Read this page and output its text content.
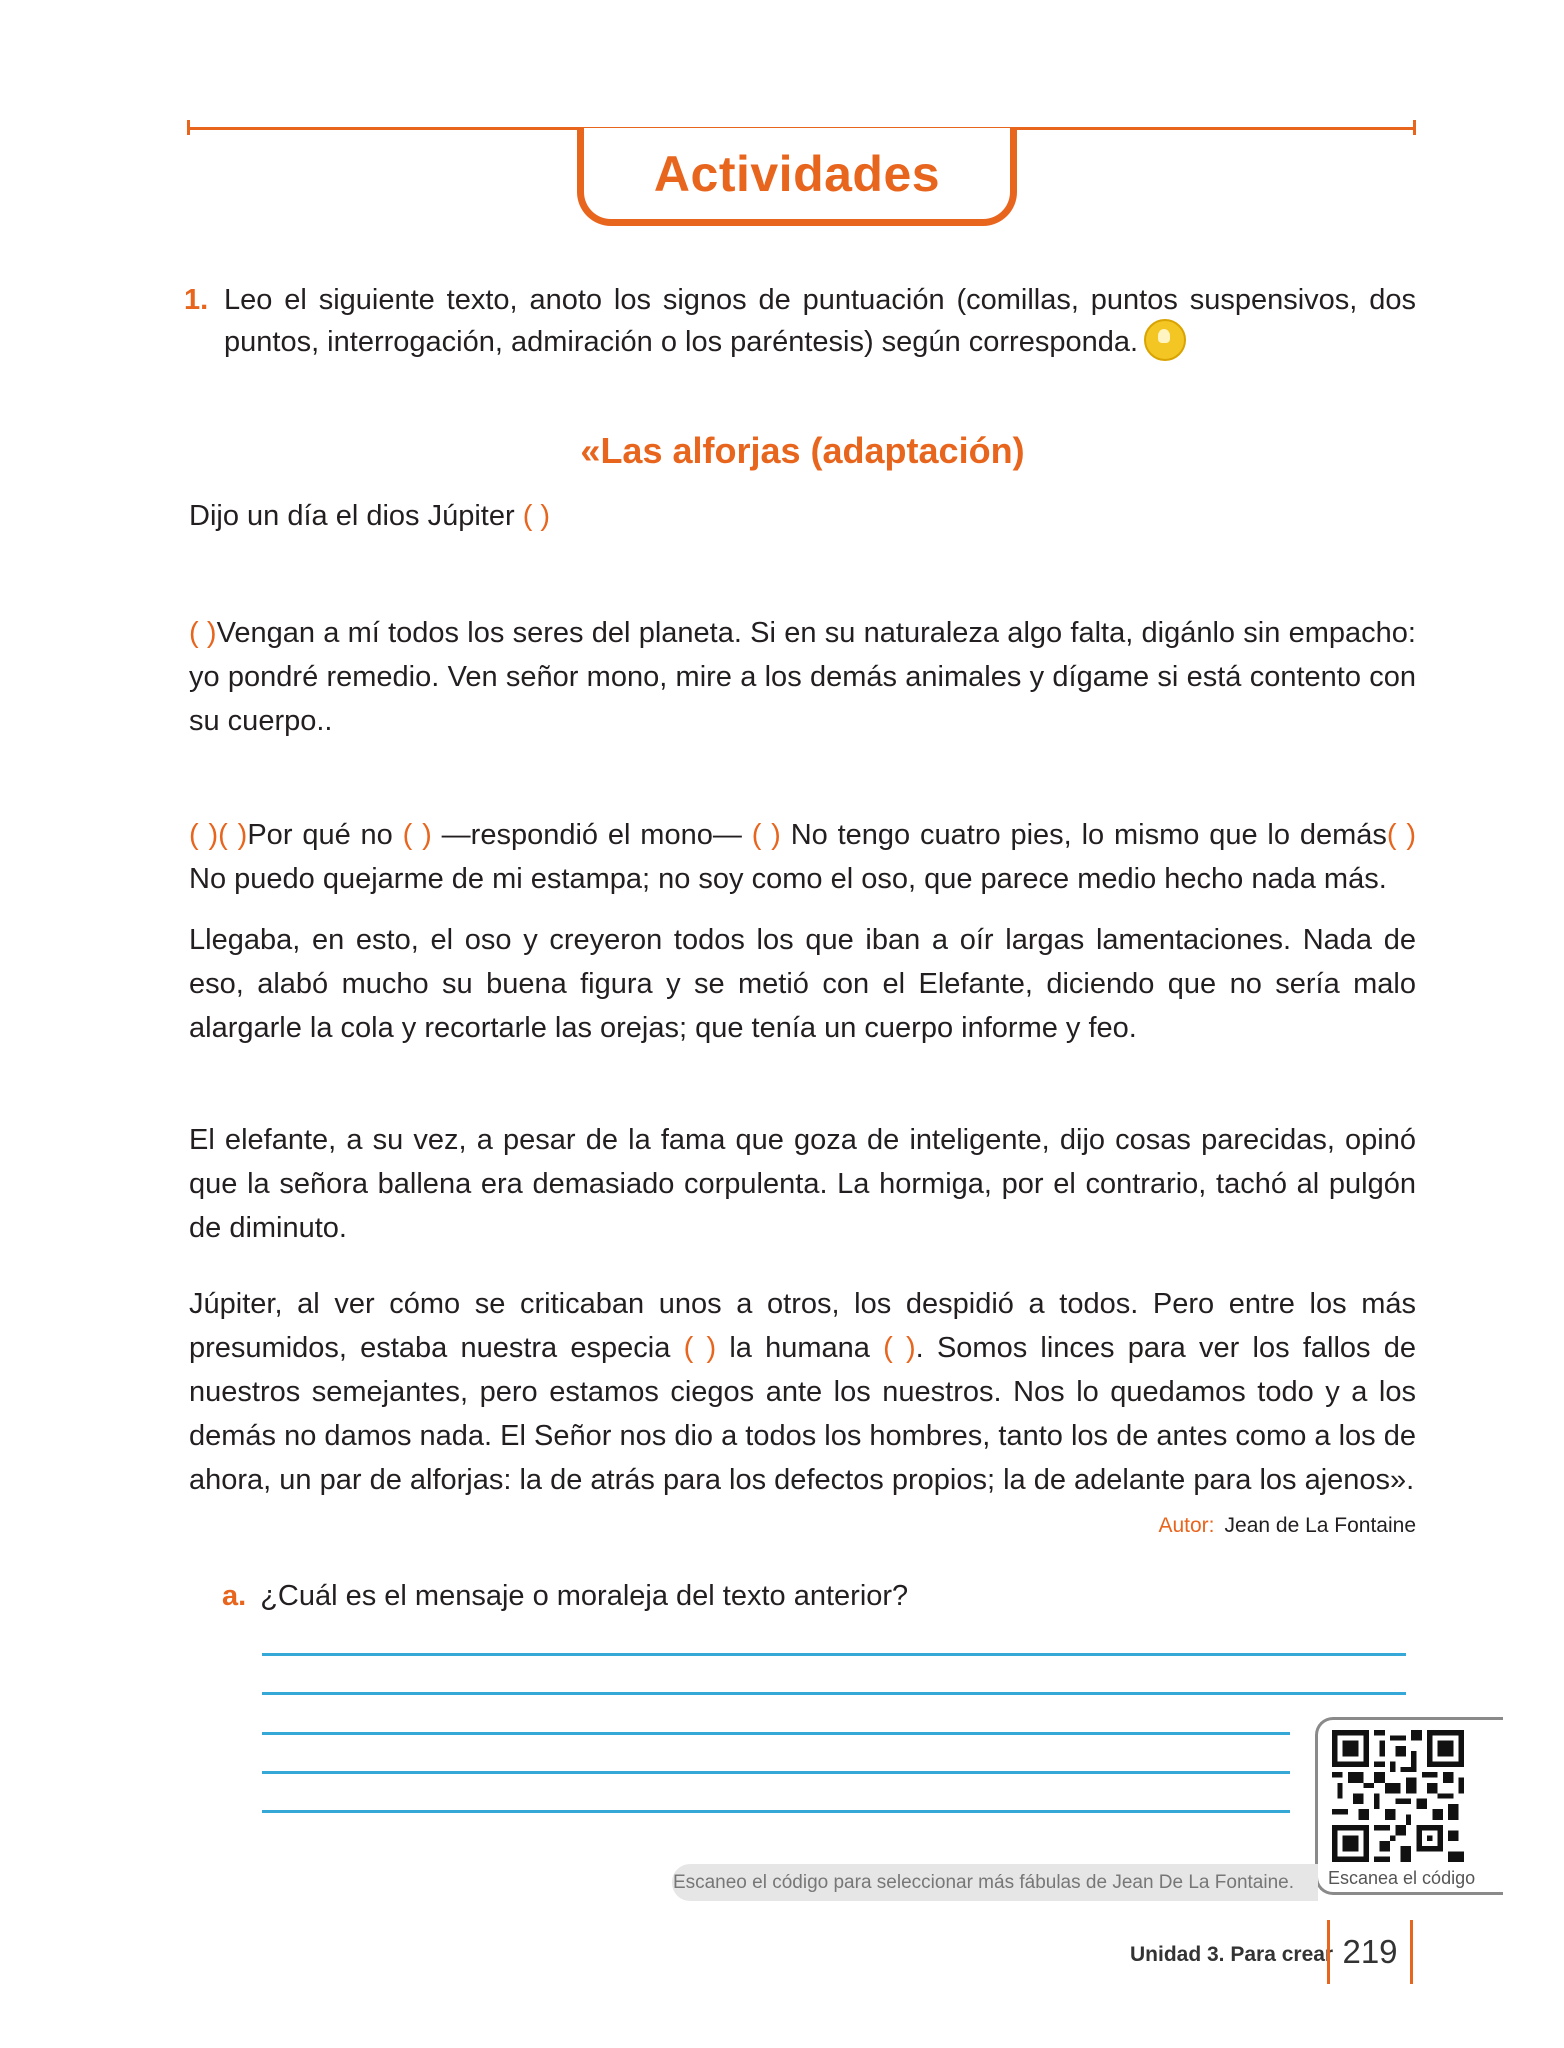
Actividades
1. Leo el siguiente texto, anoto los signos de puntuación (comillas, puntos suspensivos, dos puntos, interrogación, admiración o los paréntesis) según corresponda.
«Las alforjas (adaptación)
Dijo un día el dios Júpiter ( )
( )Vengan a mí todos los seres del planeta. Si en su naturaleza algo falta, digánlo sin empacho: yo pondré remedio. Ven señor mono, mire a los demás animales y dígame si está contento con su cuerpo..
( )( )Por qué no ( ) —respondió el mono— ( ) No tengo cuatro pies, lo mismo que lo demás( ) No puedo quejarme de mi estampa; no soy como el oso, que parece medio hecho nada más.
Llegaba, en esto, el oso y creyeron todos los que iban a oír largas lamentaciones. Nada de eso, alabó mucho su buena figura y se metió con el Elefante, diciendo que no sería malo alargarle la cola y recortarle las orejas; que tenía un cuerpo informe y feo.
El elefante, a su vez, a pesar de la fama que goza de inteligente, dijo cosas parecidas, opinó que la señora ballena era demasiado corpulenta. La hormiga, por el contrario, tachó al pulgón de diminuto.
Júpiter, al ver cómo se criticaban unos a otros, los despidió a todos. Pero entre los más presumidos, estaba nuestra especia ( ) la humana ( ). Somos linces para ver los fallos de nuestros semejantes, pero estamos ciegos ante los nuestros. Nos lo quedamos todo y a los demás no damos nada. El Señor nos dio a todos los hombres, tanto los de antes como a los de ahora, un par de alforjas: la de atrás para los defectos propios; la de adelante para los ajenos».
Autor: Jean de La Fontaine
a. ¿Cuál es el mensaje o moraleja del texto anterior?
Escanea el código
Escaneo el código para seleccionar más fábulas de Jean De La Fontaine.
Unidad 3. Para crear 219
